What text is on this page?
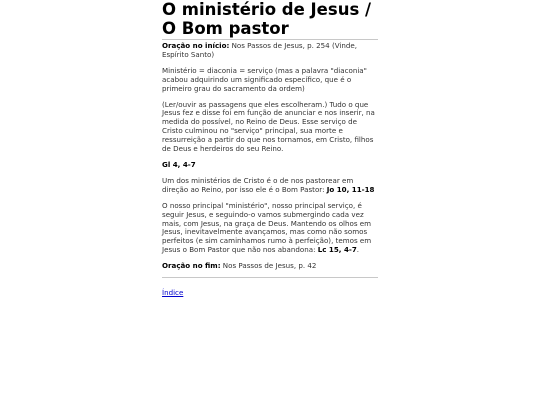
O ministério de Jesus / O Bom pastor

Oração no início: Nos Passos de Jesus, p. 254 (Vinde, Espírito Santo)

Ministério = diaconia = serviço (mas a palavra "diaconia" acabou adquirindo um significado específico, que é o primeiro grau do sacramento da ordem)

(Ler/ouvir as passagens que eles escolheram.) Tudo o que Jesus fez e disse foi em função de anunciar e nos inserir, na medida do possível, no Reino de Deus. Esse serviço de Cristo culminou no "serviço" principal, sua morte e ressurreição a partir do que nos tornamos, em Cristo, filhos de Deus e herdeiros do seu Reino.

Gl 4, 4-7

Um dos ministérios de Cristo é o de nos pastorear em direção ao Reino, por isso ele é o Bom Pastor: Jo 10, 11-18

O nosso principal "ministério", nosso principal serviço, é seguir Jesus, e seguindo-o vamos submergindo cada vez mais, com Jesus, na graça de Deus. Mantendo os olhos em Jesus, inevitavelmente avançamos, mas como não somos perfeitos (e sim caminhamos rumo à perfeição), temos em Jesus o Bom Pastor que não nos abandona: Lc 15, 4-7.

Oração no fim: Nos Passos de Jesus, p. 42

Índice
